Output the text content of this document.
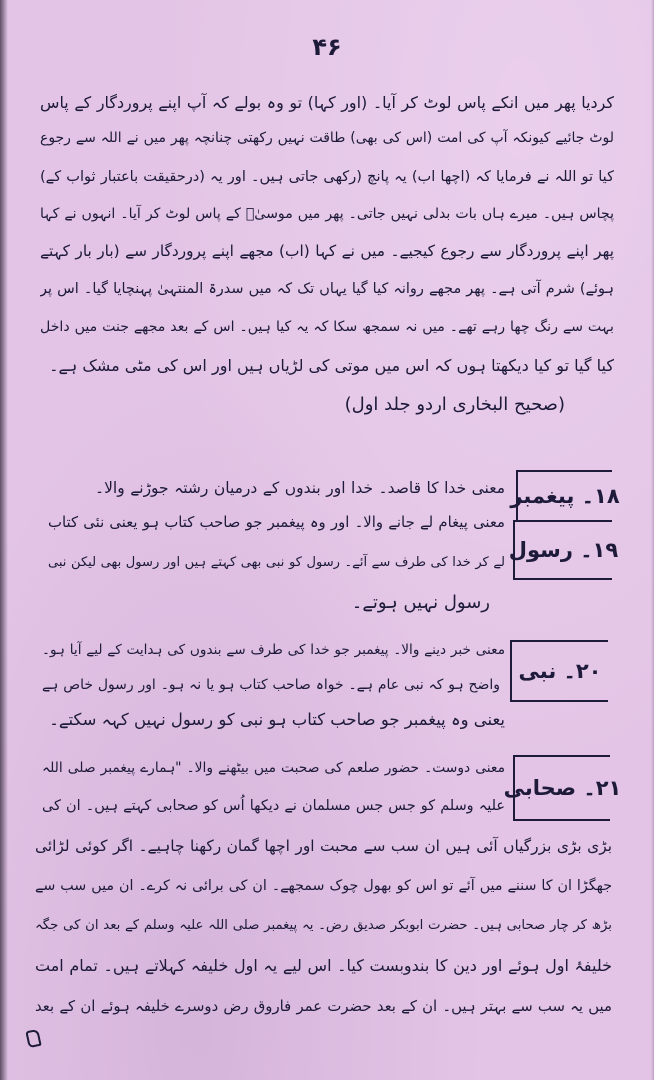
۴۶
کردیا پھر میں انکے پاس لوٹ کر آیا۔ (اور کہا) تو وہ بولے کہ آپ اپنے پروردگار کے پاس
لوٹ جائیے کیونکہ آپ کی امت (اس کی بھی) طاقت نہیں رکھتی چنانچہ پھر میں نے اللہ سے رجوع
کیا تو اللہ نے فرمایا کہ (اچھا اب) یہ پانچ (رکھی جاتی ہیں۔ اور یہ (درحقیقت باعتبار ثواب کے)
پچاس ہیں۔ میرے ہاں بات بدلی نہیں جاتی۔ پھر میں موسیٰؑ کے پاس لوٹ کر آیا۔ انہوں نے کہا
پھر اپنے پروردگار سے رجوع کیجیے۔ میں نے کہا (اب) مجھے اپنے پروردگار سے (بار بار کہتے
ہوئے) شرم آتی ہے۔ پھر مجھے روانہ کیا گیا یہاں تک کہ میں سدرۃ المنتہیٰ پہنچایا گیا۔ اس پر
بہت سے رنگ چھا رہے تھے۔ میں نہ سمجھ سکا کہ یہ کیا ہیں۔ اس کے بعد مجھے جنت میں داخل
کیا گیا تو کیا دیکھتا ہوں کہ اس میں موتی کی لڑیاں ہیں اور اس کی مٹی مشک ہے۔
(صحیح البخاری اردو جلد اول)
۱۸۔ پیغمبر
معنی خدا کا قاصد۔ خدا اور بندوں کے درمیان رشتہ جوڑنے والا۔
۱۹۔ رسول
معنی پیغام لے جانے والا۔ اور وہ پیغمبر جو صاحب کتاب ہو یعنی نئی کتاب
لے کر خدا کی طرف سے آئے۔ رسول کو نبی بھی کہتے ہیں اور رسول بھی لیکن نبی
رسول نہیں ہوتے۔
۲۰۔ نبی
معنی خبر دینے والا۔ پیغمبر جو خدا کی طرف سے بندوں کی ہدایت کے لیے آیا ہو۔
واضح ہو کہ نبی عام ہے۔ خواہ صاحب کتاب ہو یا نہ ہو۔ اور رسول خاص ہے
یعنی وہ پیغمبر جو صاحب کتاب ہو نبی کو رسول نہیں کہہ سکتے۔
۲۱۔ صحابی
معنی دوست۔ حضور صلعم کی صحبت میں بیٹھنے والا۔ "ہمارے پیغمبر صلی اللہ
علیہ وسلم کو جس جس مسلمان نے دیکھا اُس کو صحابی کہتے ہیں۔ ان کی
بڑی بڑی بزرگیاں آئی ہیں ان سب سے محبت اور اچھا گمان رکھنا چاہیے۔ اگر کوئی لڑائی
جھگڑا ان کا سننے میں آئے تو اس کو بھول چوک سمجھے۔ ان کی برائی نہ کرے۔ ان میں سب سے
بڑھ کر چار صحابی ہیں۔ حضرت ابوبکر صدیق رض۔ یہ پیغمبر صلی اللہ علیہ وسلم کے بعد ان کی جگہ
خلیفۂ اول ہوئے اور دین کا بندوبست کیا۔ اس لیے یہ اول خلیفہ کہلاتے ہیں۔ تمام امت
میں یہ سب سے بہتر ہیں۔ ان کے بعد حضرت عمر فاروق رض دوسرے خلیفہ ہوئے ان کے بعد
